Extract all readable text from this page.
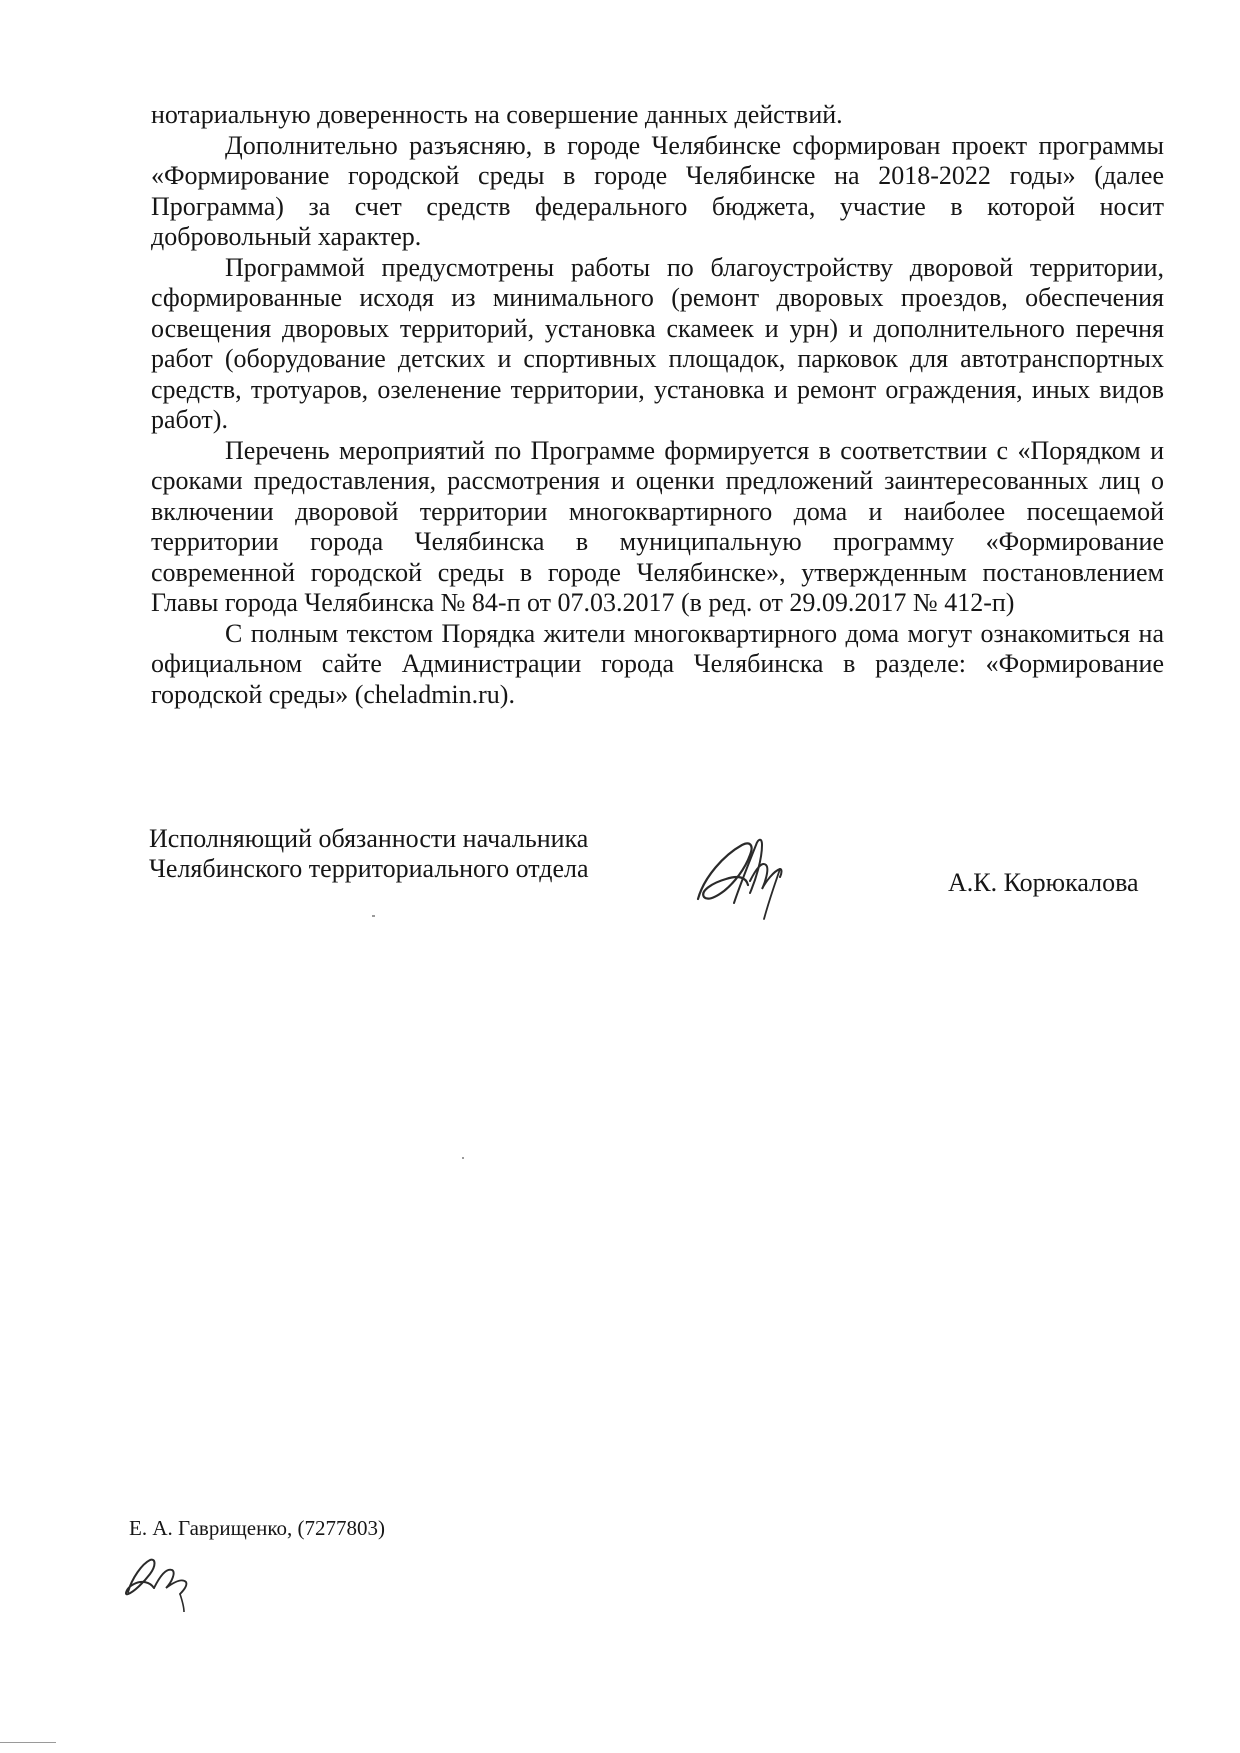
нотариальную доверенность на совершение данных действий.

Дополнительно разъясняю, в городе Челябинске сформирован проект программы «Формирование городской среды в городе Челябинске на 2018-2022 годы» (далее Программа) за счет средств федерального бюджета, участие в которой носит добровольный характер.

Программой предусмотрены работы по благоустройству дворовой территории, сформированные исходя из минимального (ремонт дворовых проездов, обеспечения освещения дворовых территорий, установка скамеек и урн) и дополнительного перечня работ (оборудование детских и спортивных площадок, парковок для автотранспортных средств, тротуаров, озеленение территории, установка и ремонт ограждения, иных видов работ).

Перечень мероприятий по Программе формируется в соответствии с «Порядком и сроками предоставления, рассмотрения и оценки предложений заинтересованных лиц о включении дворовой территории многоквартирного дома и наиболее посещаемой территории города Челябинска в муниципальную программу «Формирование современной городской среды в городе Челябинске», утвержденным постановлением Главы города Челябинска № 84-п от 07.03.2017 (в ред. от 29.09.2017 № 412-п)

С полным текстом Порядка жители многоквартирного дома могут ознакомиться на официальном сайте Администрации города Челябинска в разделе: «Формирование городской среды» (cheladmin.ru).

Исполняющий обязанности начальника
Челябинского территориального отдела	А.К. Корюкалова
Е. А. Гаврищенко, (7277803)
